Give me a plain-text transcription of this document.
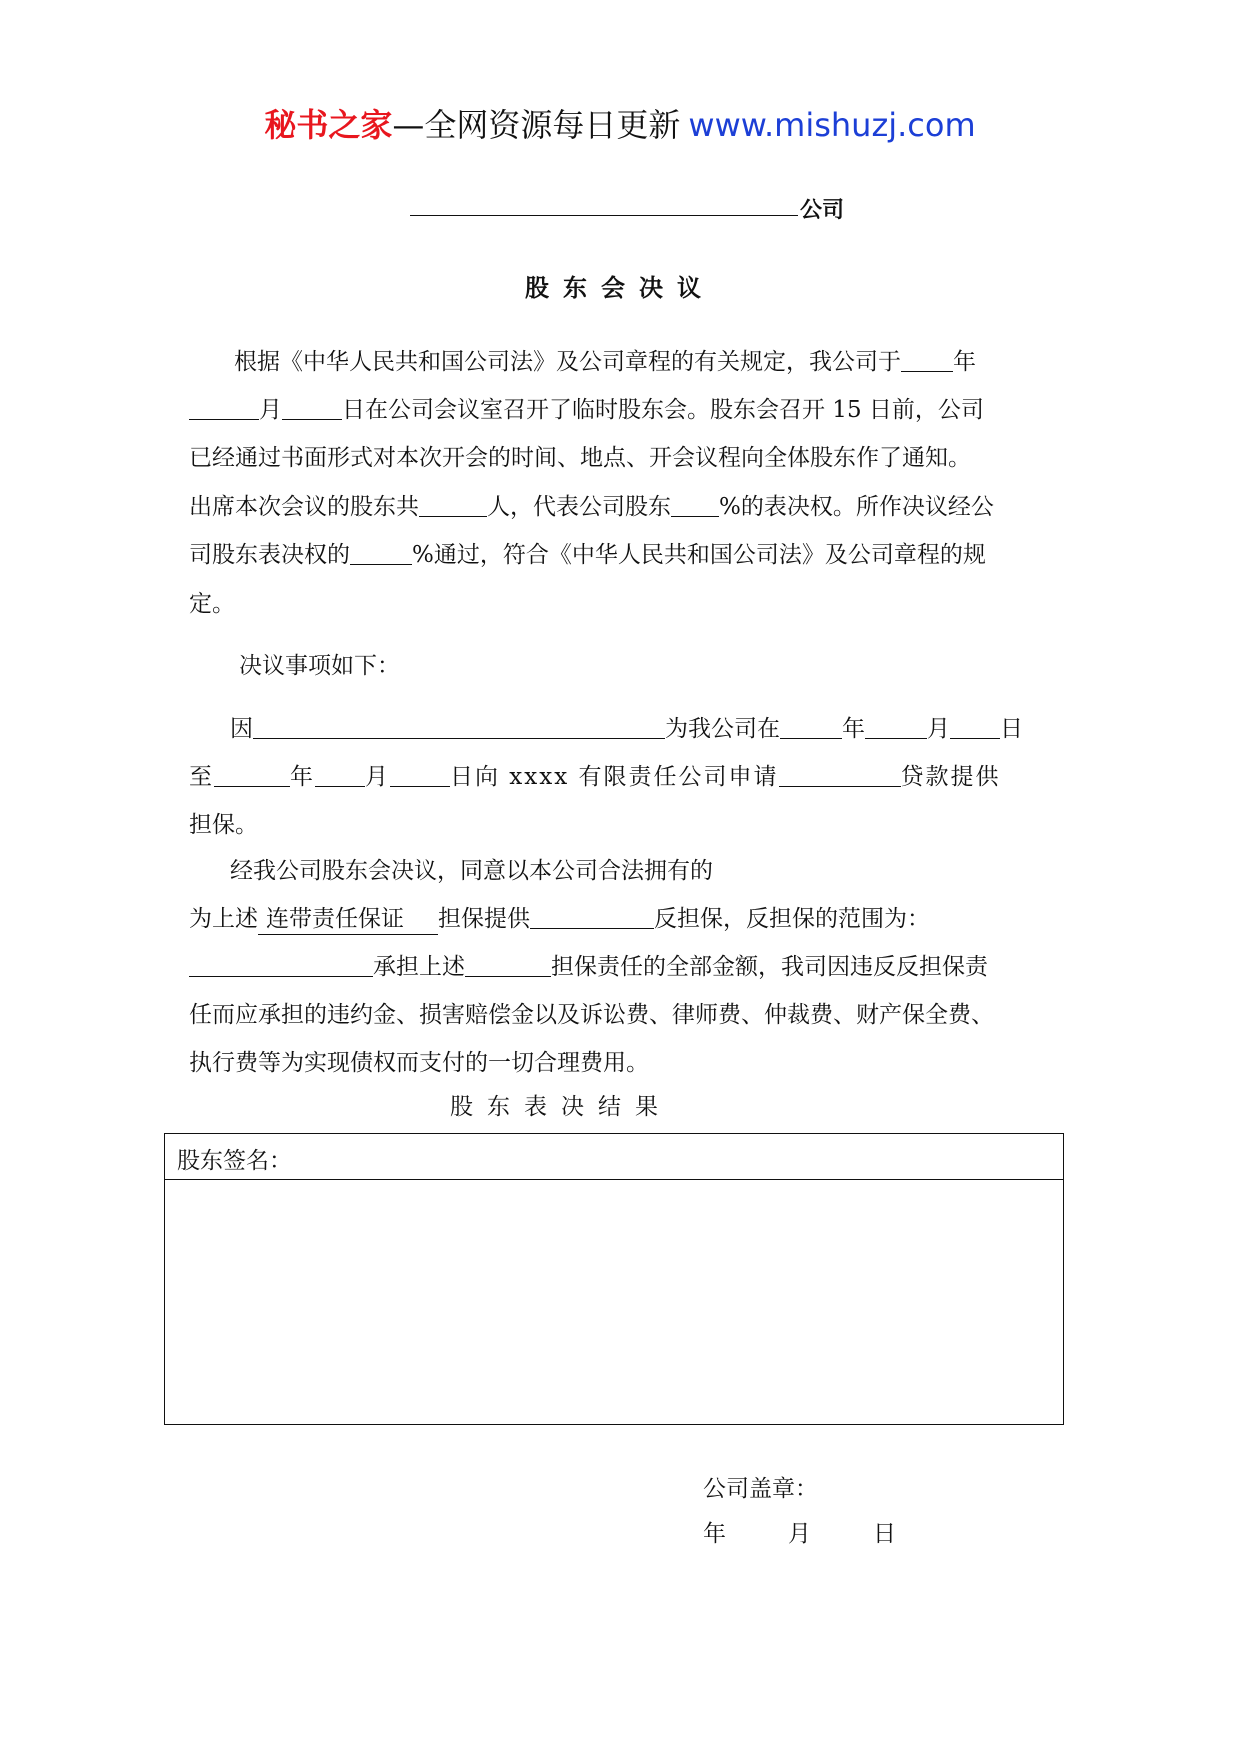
秘书之家—全网资源每日更新 www.mishuzj.com
公司
股东会决议
根据《中华人民共和国公司法》及公司章程的有关规定，我公司于 年
月	日在公司会议室召开了临时股东会。股东会召开 15 日前，公司
已经通过书面形式对本次开会的时间、地点、开会议程向全体股东作了通知。
出席本次会议的股东共	人，代表公司股东 %的表决权。所作决议经公
司股东表决权的	%通过，符合《中华人民共和国公司法》及公司章程的规
定。
决议事项如下：
因	为我公司在	年	月 日
至	年 月	日向 xxxx 有限责任公司申请	贷款提供
担保。
经我公司股东会决议，同意以本公司合法拥有的
为上述 连带责任保证 担保提供	反担保，反担保的范围为：
承担上述	担保责任的全部金额，我司因违反反担保责
任而应承担的违约金、损害赔偿金以及诉讼费、律师费、仲裁费、财产保全费、
执行费等为实现债权而支付的一切合理费用。
股东表决结果
股东签名：
公司盖章：
年	月	日
